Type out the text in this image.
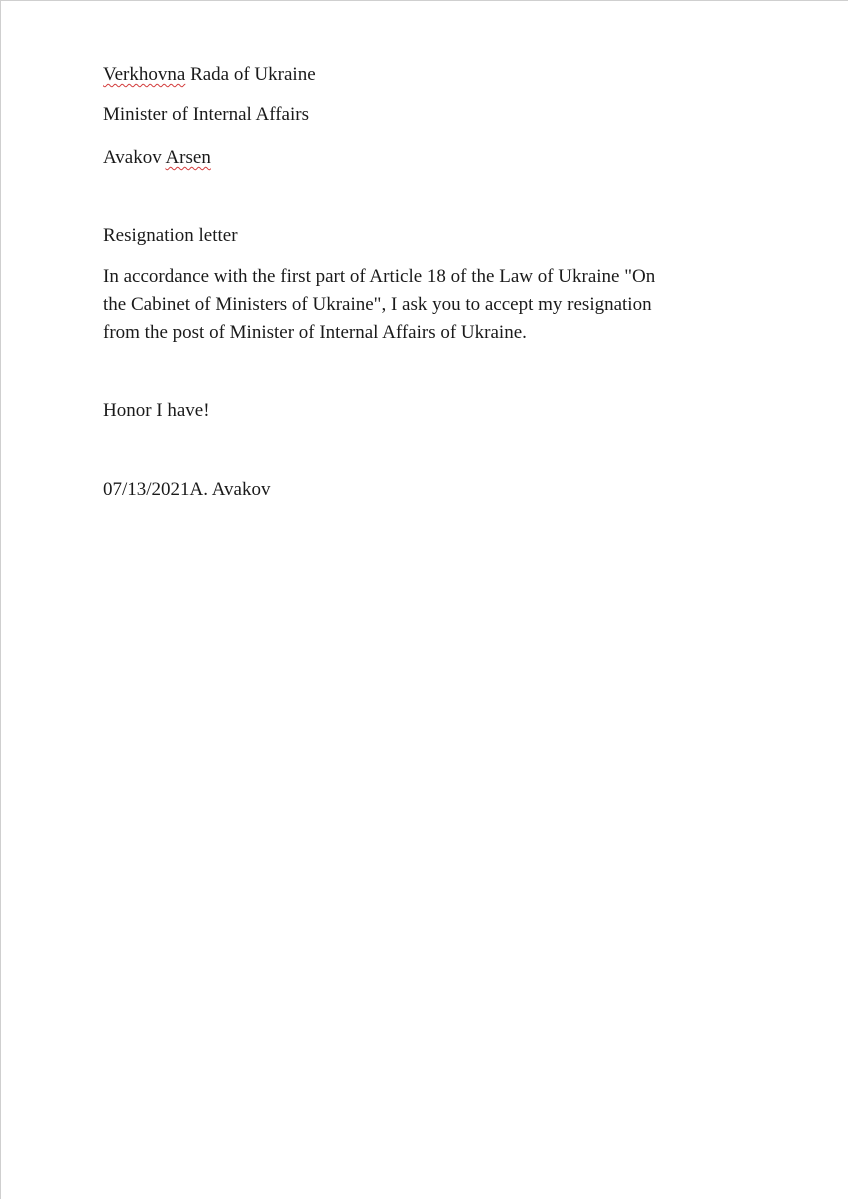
Verkhovna Rada of Ukraine
Minister of Internal Affairs
Avakov Arsen
Resignation letter
In accordance with the first part of Article 18 of the Law of Ukraine "On
the Cabinet of Ministers of Ukraine", I ask you to accept my resignation
from the post of Minister of Internal Affairs of Ukraine.
Honor I have!
07/13/2021A. Avakov
